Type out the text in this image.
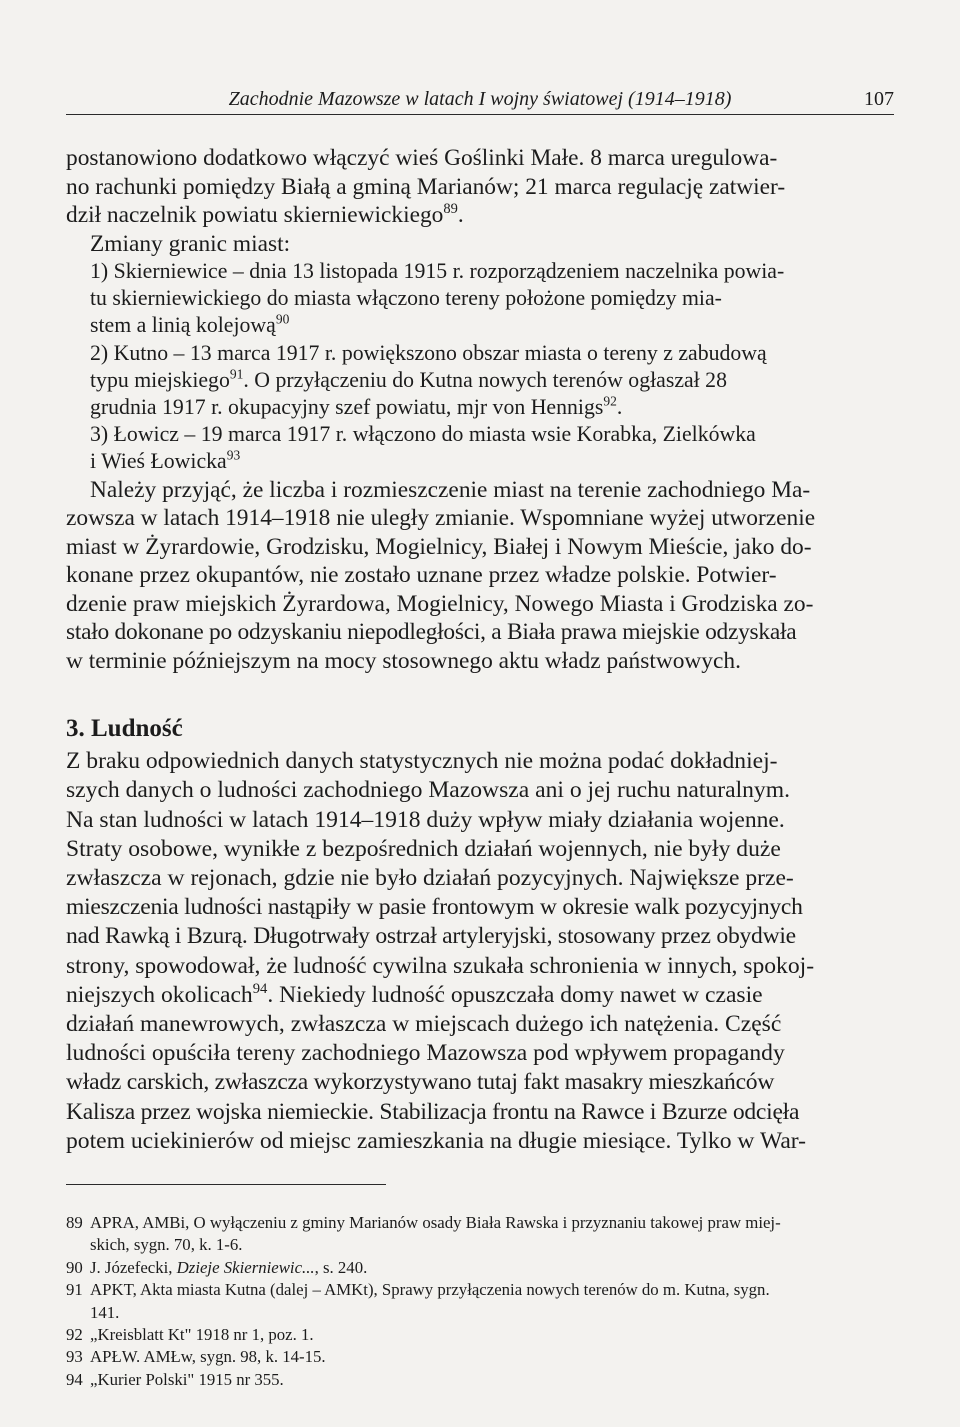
Zachodnie Mazowsze w latach I wojny światowej (1914–1918)	107

postanowiono dodatkowo włączyć wieś Goślinki Małe. 8 marca uregulowa-

no rachunki pomiędzy Białą a gminą Marianów; 21 marca regulację zatwier-

dził naczelnik powiatu skierniewickiego$^{89}$.

Zmiany granic miast:

1) Skierniewice – dnia 13 listopada 1915 r. rozporządzeniem naczelnika powia-

tu skierniewickiego do miasta włączono tereny położone pomiędzy mia-

stem a linią kolejową$^{90}$

2) Kutno – 13 marca 1917 r. powiększono obszar miasta o tereny z zabudową

typu miejskiego$^{91}$. O przyłączeniu do Kutna nowych terenów ogłaszał 28

grudnia 1917 r. okupacyjny szef powiatu, mjr von Hennigs$^{92}$.

3) Łowicz – 19 marca 1917 r. włączono do miasta wsie Korabka, Zielkówka

i Wieś Łowicka$^{93}$

Należy przyjąć, że liczba i rozmieszczenie miast na terenie zachodniego Ma-

zowsza w latach 1914–1918 nie uległy zmianie. Wspomniane wyżej utworzenie

miast w Żyrardowie, Grodzisku, Mogielnicy, Białej i Nowym Mieście, jako do-

konane przez okupantów, nie zostało uznane przez władze polskie. Potwier-

dzenie praw miejskich Żyrardowa, Mogielnicy, Nowego Miasta i Grodziska zo-

stało dokonane po odzyskaniu niepodległości, a Biała prawa miejskie odzyskała

w terminie późniejszym na mocy stosownego aktu władz państwowych.

3. Ludność

Z braku odpowiednich danych statystycznych nie można podać dokładniej-

szych danych o ludności zachodniego Mazowsza ani o jej ruchu naturalnym.

Na stan ludności w latach 1914–1918 duży wpływ miały działania wojenne.

Straty osobowe, wynikłe z bezpośrednich działań wojennych, nie były duże

zwłaszcza w rejonach, gdzie nie było działań pozycyjnych. Największe prze-

mieszczenia ludności nastąpiły w pasie frontowym w okresie walk pozycyjnych

nad Rawką i Bzurą. Długotrwały ostrzał artyleryjski, stosowany przez obydwie

strony, spowodował, że ludność cywilna szukała schronienia w innych, spokoj-

niejszych okolicach$^{94}$. Niekiedy ludność opuszczała domy nawet w czasie

działań manewrowych, zwłaszcza w miejscach dużego ich natężenia. Część

ludności opuściła tereny zachodniego Mazowsza pod wpływem propagandy

władz carskich, zwłaszcza wykorzystywano tutaj fakt masakry mieszkańców

Kalisza przez wojska niemieckie. Stabilizacja frontu na Rawce i Bzurze odcięła

potem uciekinierów od miejsc zamieszkania na długie miesiące. Tylko w War-

89 APRA, AMBi, O wyłączeniu z gminy Marianów osady Biała Rawska i przyznaniu takowej praw miej-
skich, sygn. 70, k. 1-6.
90 J. Józefecki, Dzieje Skierniewic..., s. 240.
91 APKT, Akta miasta Kutna (dalej – AMKt), Sprawy przyłączenia nowych terenów do m. Kutna, sygn.
141.
92 „Kreisblatt Kt" 1918 nr 1, poz. 1.
93 APŁW. AMŁw, sygn. 98, k. 14-15.
94 „Kurier Polski" 1915 nr 355.
